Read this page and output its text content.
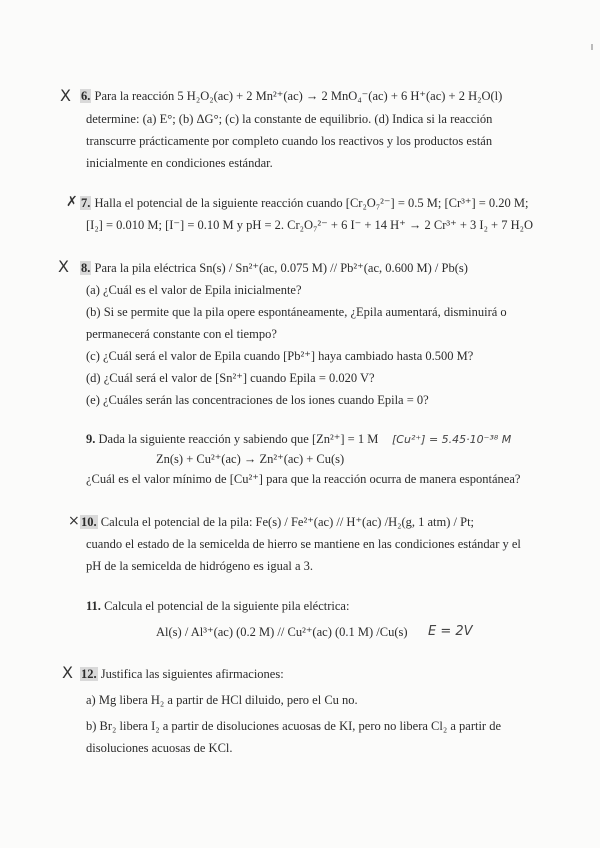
X 6. Para la reacción 5 H₂O₂(ac) + 2 Mn²⁺(ac) → 2 MnO₄⁻(ac) + 6 H⁺(ac) + 2 H₂O(l)
determine: (a) E°; (b) ΔG°; (c) la constante de equilibrio. (d) Indica si la reacción
transcurre prácticamente por completo cuando los reactivos y los productos están
inicialmente en condiciones estándar.
✗ 7. Halla el potencial de la siguiente reacción cuando [Cr₂O₇²⁻] = 0.5 M; [Cr³⁺] = 0.20 M;
[I₂] = 0.010 M; [I⁻] = 0.10 M y pH = 2. Cr₂O₇²⁻ + 6 I⁻ + 14 H⁺ → 2 Cr³⁺ + 3 I₂ + 7 H₂O
X 8. Para la pila eléctrica Sn(s) / Sn²⁺(ac, 0.075 M) // Pb²⁺(ac, 0.600 M) / Pb(s)
(a) ¿Cuál es el valor de Epila inicialmente?
(b) Si se permite que la pila opere espontáneamente, ¿Epila aumentará, disminuirá o
permanecerá constante con el tiempo?
(c) ¿Cuál será el valor de Epila cuando [Pb²⁺] haya cambiado hasta 0.500 M?
(d) ¿Cuál será el valor de [Sn²⁺] cuando Epila = 0.020 V?
(e) ¿Cuáles serán las concentraciones de los iones cuando Epila = 0?
9. Dada la siguiente reacción y sabiendo que [Zn²⁺] = 1 M [Cu²⁺] = 5.45·10⁻³⁸ M
Zn(s) + Cu²⁺(ac) → Zn²⁺(ac) + Cu(s)
¿Cuál es el valor mínimo de [Cu²⁺] para que la reacción ocurra de manera espontánea?
× 10. Calcula el potencial de la pila: Fe(s) / Fe²⁺(ac) // H⁺(ac) /H₂(g, 1 atm) / Pt;
cuando el estado de la semicelda de hierro se mantiene en las condiciones estándar y el
pH de la semicelda de hidrógeno es igual a 3.
11. Calcula el potencial de la siguiente pila eléctrica:
Al(s) / Al³⁺(ac) (0.2 M) // Cu²⁺(ac) (0.1 M) /Cu(s) E = 2V
X 12. Justifica las siguientes afirmaciones:
a) Mg libera H₂ a partir de HCl diluido, pero el Cu no.
b) Br₂ libera I₂ a partir de disoluciones acuosas de KI, pero no libera Cl₂ a partir de
disoluciones acuosas de KCl.
